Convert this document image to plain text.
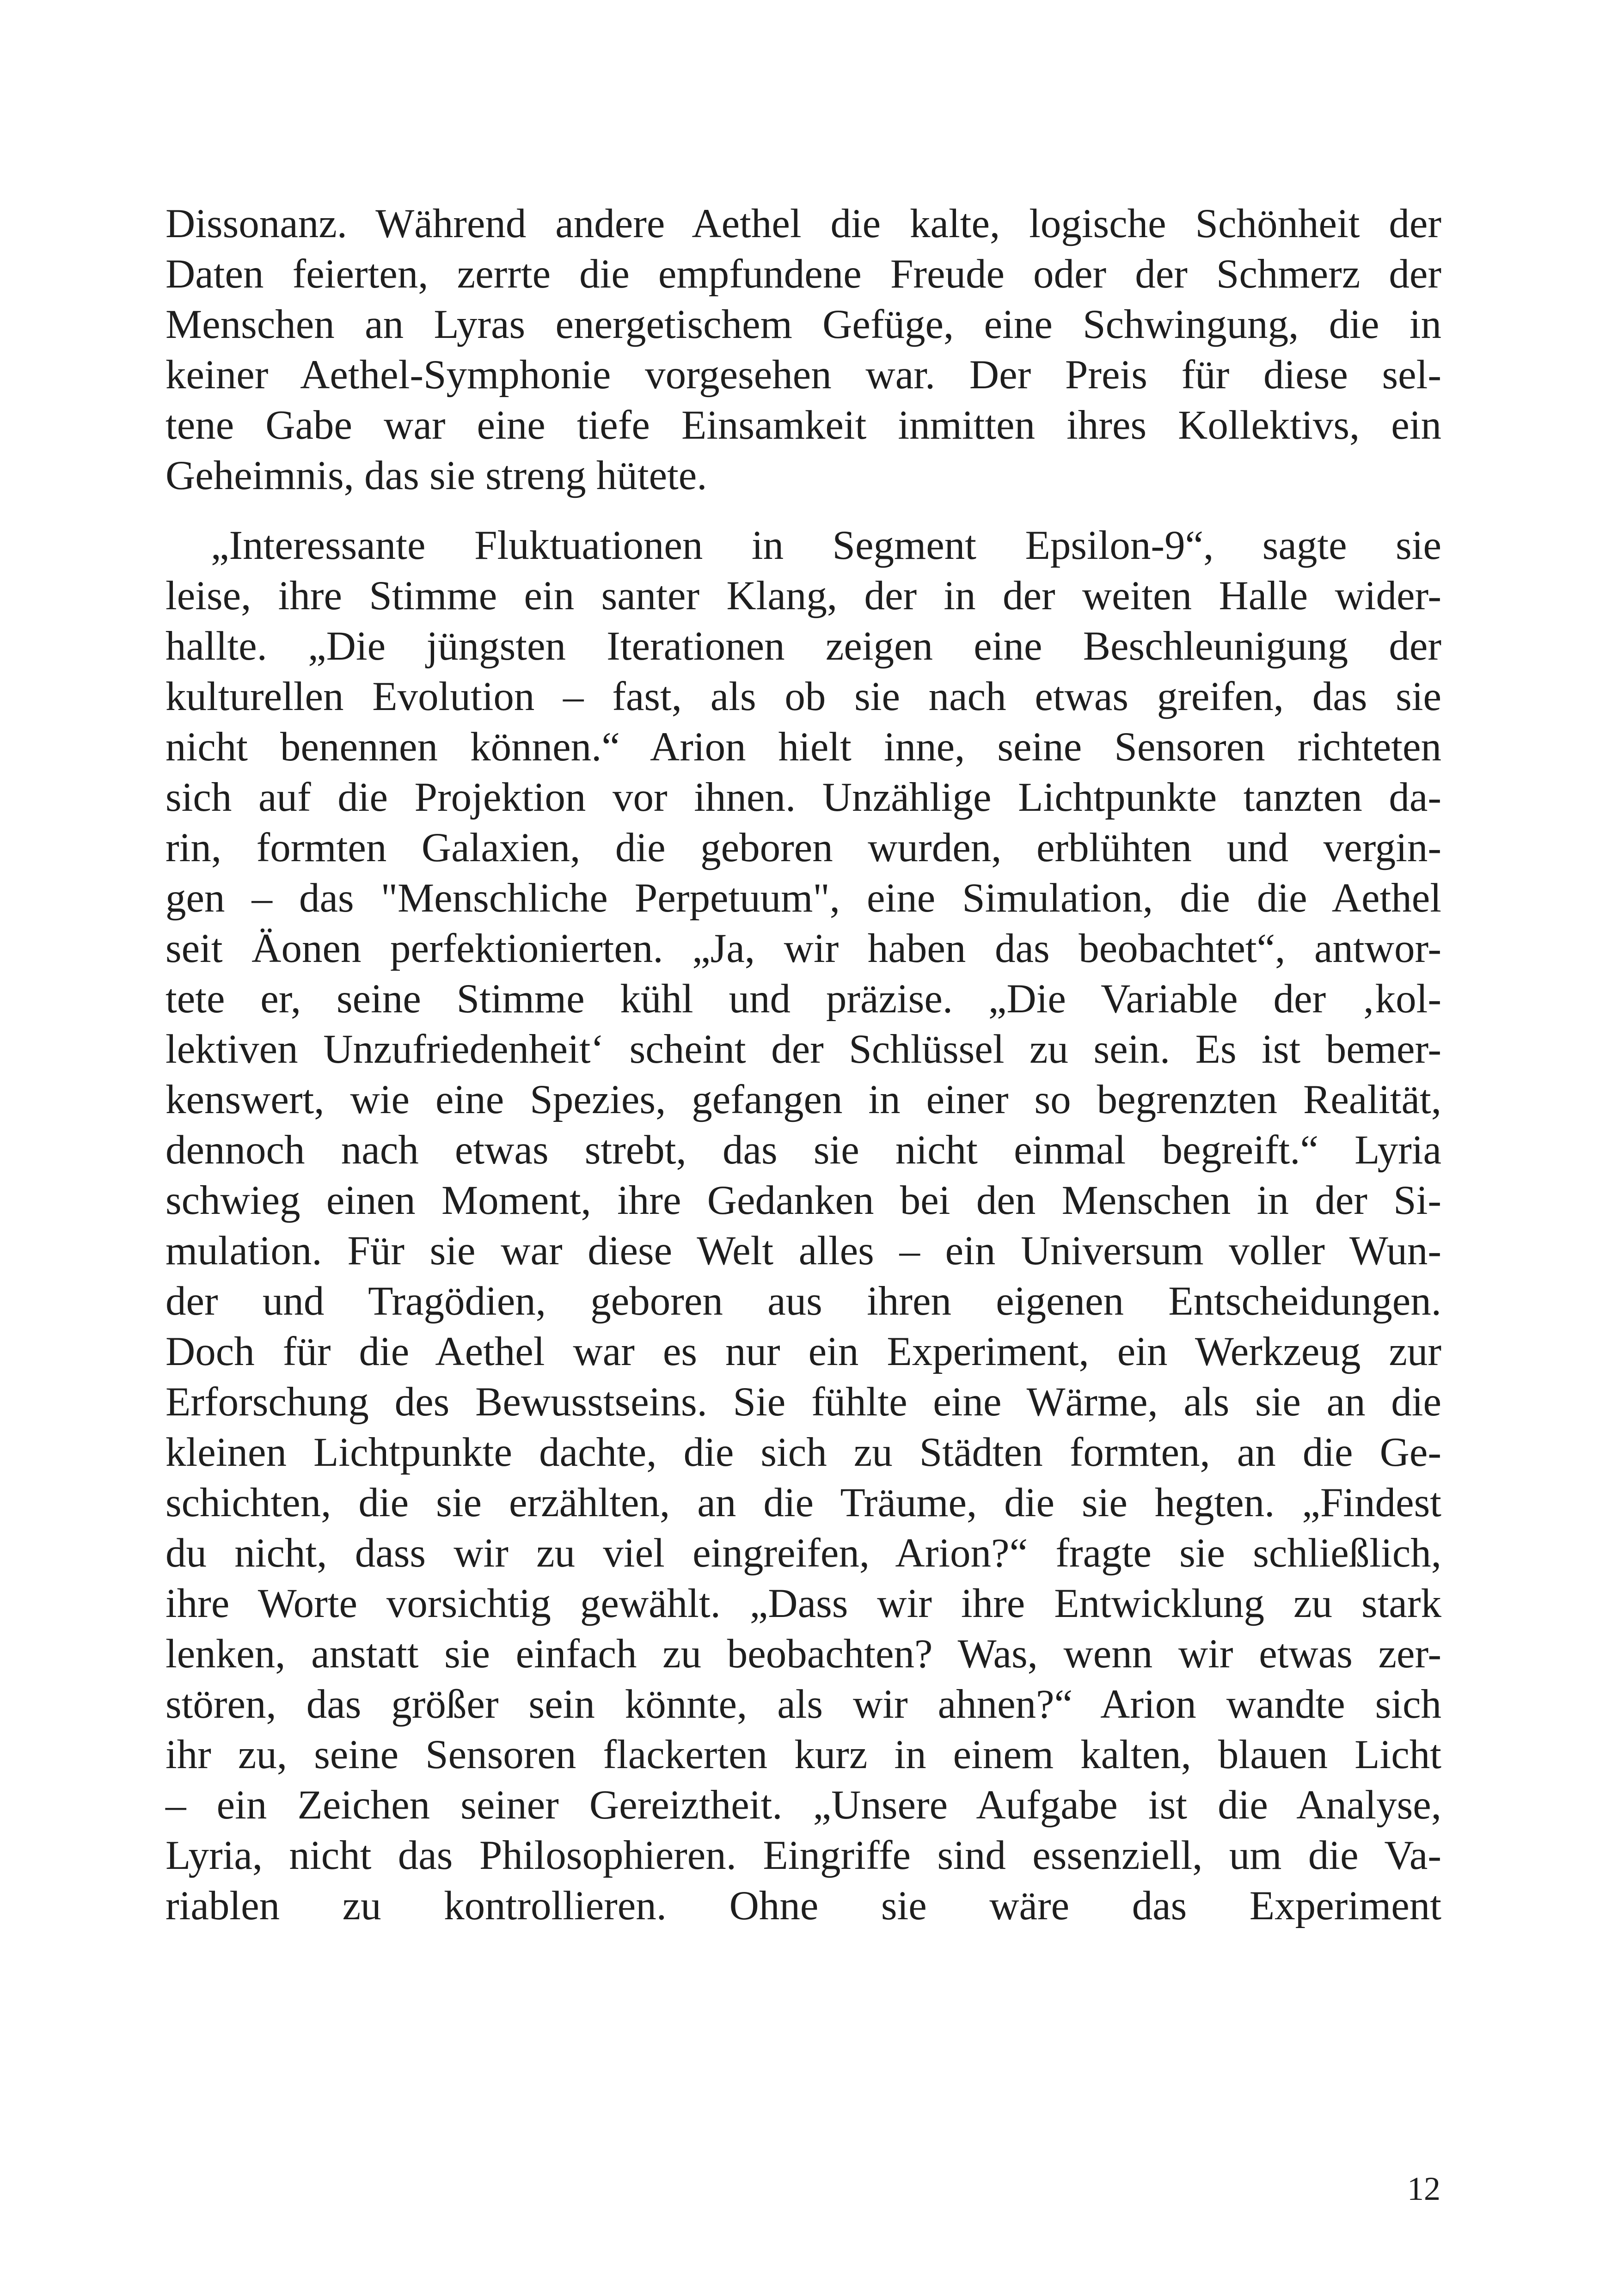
Dissonanz. Während andere Aethel die kalte, logische Schönheit der
Daten feierten, zerrte die empfundene Freude oder der Schmerz der
Menschen an Lyras energetischem Gefüge, eine Schwingung, die in
keiner Aethel-Symphonie vorgesehen war. Der Preis für diese sel-
tene Gabe war eine tiefe Einsamkeit inmitten ihres Kollektivs, ein
Geheimnis, das sie streng hütete.
„Interessante Fluktuationen in Segment Epsilon-9“, sagte sie
leise, ihre Stimme ein santer Klang, der in der weiten Halle wider-
hallte. „Die jüngsten Iterationen zeigen eine Beschleunigung der
kulturellen Evolution – fast, als ob sie nach etwas greifen, das sie
nicht benennen können.“ Arion hielt inne, seine Sensoren richteten
sich auf die Projektion vor ihnen. Unzählige Lichtpunkte tanzten da-
rin, formten Galaxien, die geboren wurden, erblühten und vergin-
gen – das "Menschliche Perpetuum", eine Simulation, die die Aethel
seit Äonen perfektionierten. „Ja, wir haben das beobachtet“, antwor-
tete er, seine Stimme kühl und präzise. „Die Variable der ‚kol-
lektiven Unzufriedenheit‘ scheint der Schlüssel zu sein. Es ist bemer-
kenswert, wie eine Spezies, gefangen in einer so begrenzten Realität,
dennoch nach etwas strebt, das sie nicht einmal begreift.“ Lyria
schwieg einen Moment, ihre Gedanken bei den Menschen in der Si-
mulation. Für sie war diese Welt alles – ein Universum voller Wun-
der und Tragödien, geboren aus ihren eigenen Entscheidungen.
Doch für die Aethel war es nur ein Experiment, ein Werkzeug zur
Erforschung des Bewusstseins. Sie fühlte eine Wärme, als sie an die
kleinen Lichtpunkte dachte, die sich zu Städten formten, an die Ge-
schichten, die sie erzählten, an die Träume, die sie hegten. „Findest
du nicht, dass wir zu viel eingreifen, Arion?“ fragte sie schließlich,
ihre Worte vorsichtig gewählt. „Dass wir ihre Entwicklung zu stark
lenken, anstatt sie einfach zu beobachten? Was, wenn wir etwas zer-
stören, das größer sein könnte, als wir ahnen?“ Arion wandte sich
ihr zu, seine Sensoren flackerten kurz in einem kalten, blauen Licht
– ein Zeichen seiner Gereiztheit. „Unsere Aufgabe ist die Analyse,
Lyria, nicht das Philosophieren. Eingriffe sind essenziell, um die Va-
riablen zu kontrollieren. Ohne sie wäre das Experiment
12
